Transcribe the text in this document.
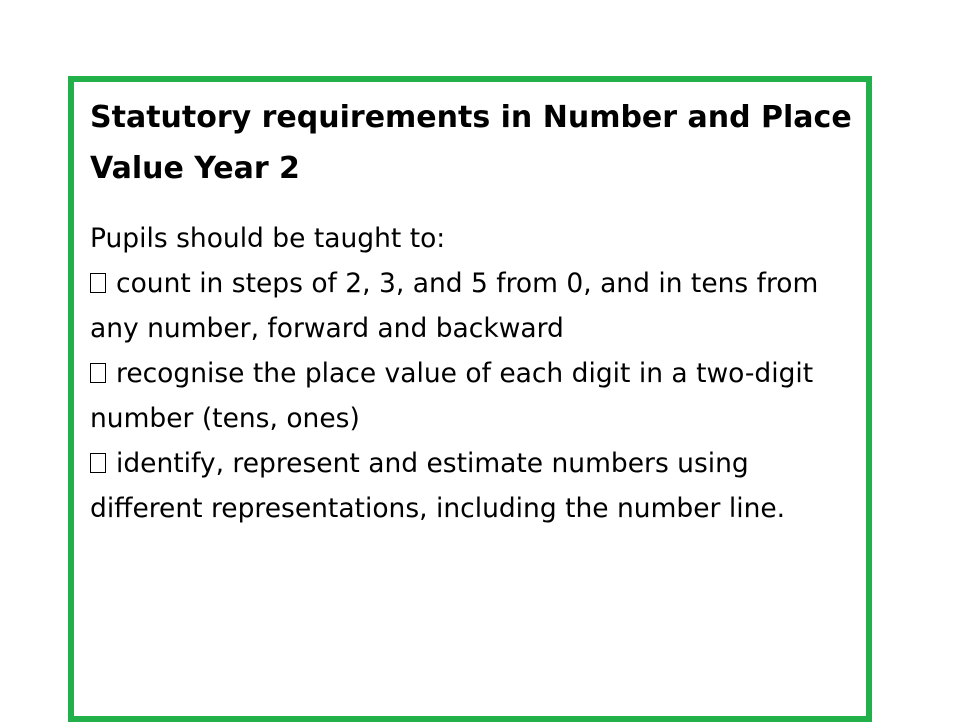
Statutory requirements in Number and Place Value Year 2

Pupils should be taught to:

count in steps of 2, 3, and 5 from 0, and in tens from any number, forward and backward

recognise the place value of each digit in a two-digit number (tens, ones)

identify, represent and estimate numbers using different representations, including the number line.
